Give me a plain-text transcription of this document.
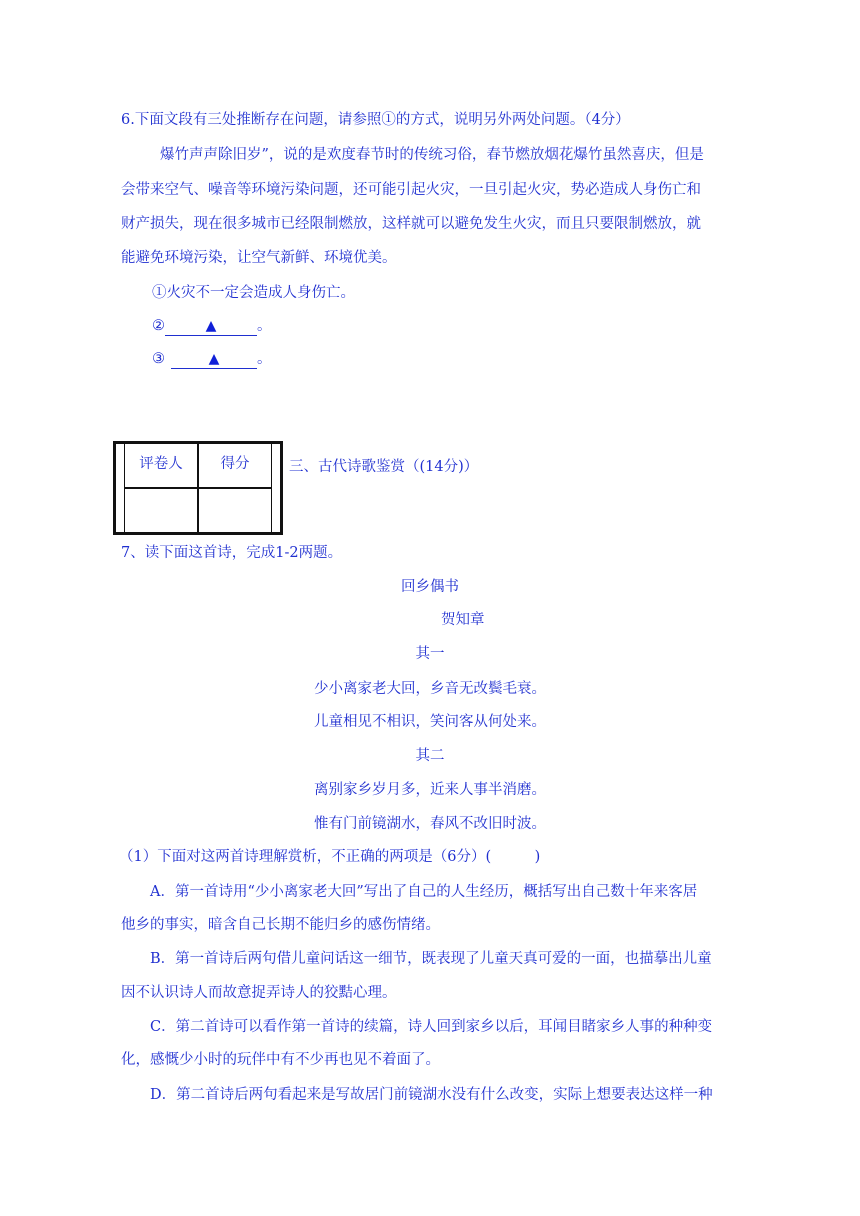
6.下面文段有三处推断存在问题，请参照①的方式，说明另外两处问题。（4分）
爆竹声声除旧岁”，说的是欢度春节时的传统习俗，春节燃放烟花爆竹虽然喜庆，但是
会带来空气、噪音等环境污染问题，还可能引起火灾，一旦引起火灾，势必造成人身伤亡和
财产损失，现在很多城市已经限制燃放，这样就可以避免发生火灾，而且只要限制燃放，就
能避免环境污染，让空气新鲜、环境优美。
①火灾不一定会造成人身伤亡。
②	▲	。
③	▲	。
评卷人	得分	三、古代诗歌鉴赏（(14分)）
7、读下面这首诗，完成1-2两题。
回乡偶书
贺知章
其一
少小离家老大回，乡音无改鬓毛衰。
儿童相见不相识，笑问客从何处来。
其二
离别家乡岁月多，近来人事半消磨。
惟有门前镜湖水，春风不改旧时波。
（1）下面对这两首诗理解赏析，不正确的两项是（6分）(　　　)
A．第一首诗用“少小离家老大回”写出了自己的人生经历，概括写出自己数十年来客居
他乡的事实，暗含自己长期不能归乡的感伤情绪。
B．第一首诗后两句借儿童问话这一细节，既表现了儿童天真可爱的一面，也描摹出儿童
因不认识诗人而故意捉弄诗人的狡黠心理。
C．第二首诗可以看作第一首诗的续篇，诗人回到家乡以后，耳闻目睹家乡人事的种种变
化，感慨少小时的玩伴中有不少再也见不着面了。
D．第二首诗后两句看起来是写故居门前镜湖水没有什么改变，实际上想要表达这样一种
